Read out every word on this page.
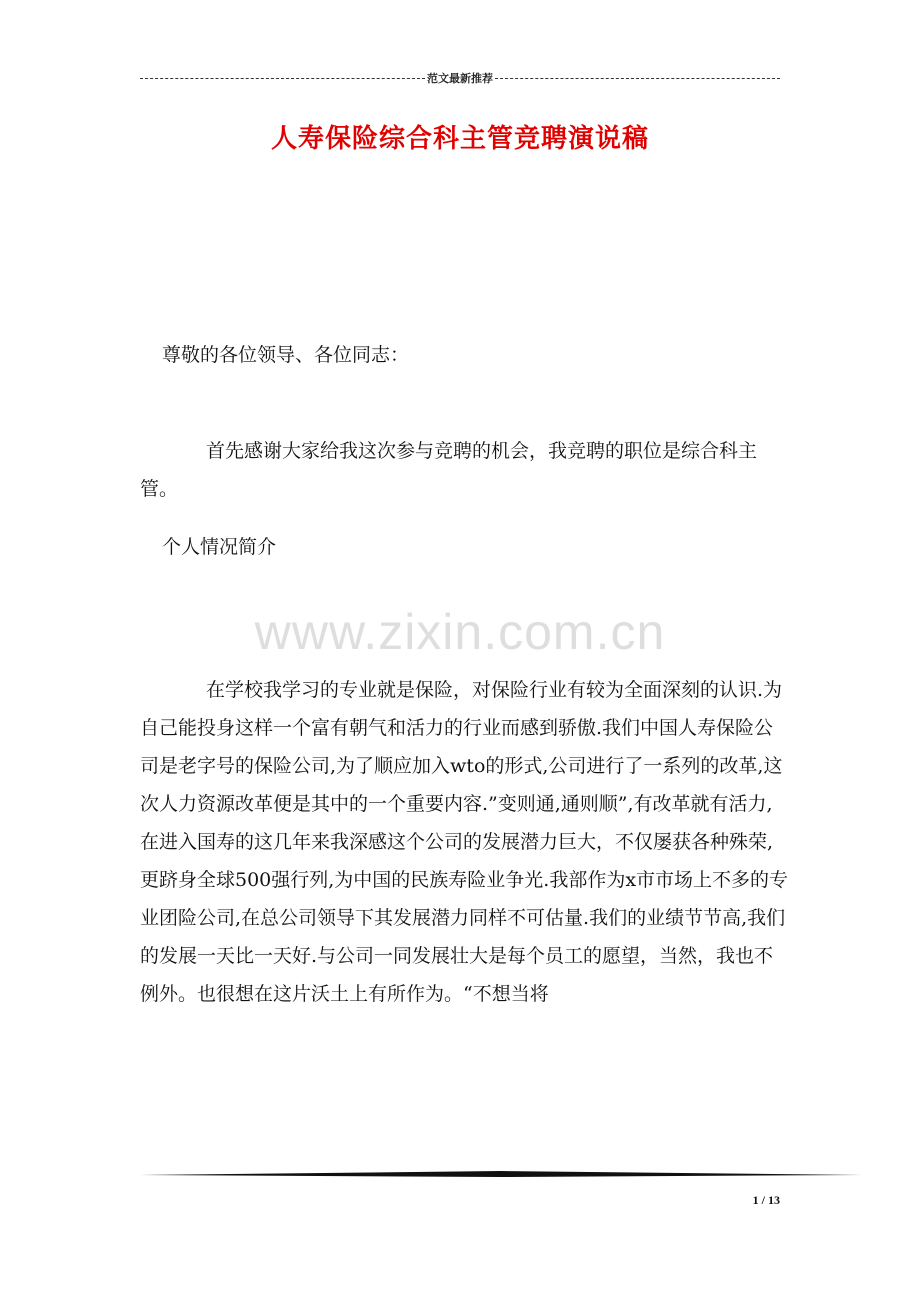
范文最新推荐
人寿保险综合科主管竞聘演说稿

尊敬的各位领导、各位同志：

首先感谢大家给我这次参与竞聘的机会，我竞聘的职位是综合科主管。

个人情况简介

www.zixin.com.cn

在学校我学习的专业就是保险，对保险行业有较为全面深刻的认识.为自己能投身这样一个富有朝气和活力的行业而感到骄傲.我们中国人寿保险公司是老字号的保险公司,为了顺应加入wto的形式,公司进行了一系列的改革,这次人力资源改革便是其中的一个重要内容.”变则通,通则顺”,有改革就有活力,在进入国寿的这几年来我深感这个公司的发展潜力巨大，不仅屡获各种殊荣,更跻身全球500强行列,为中国的民族寿险业争光.我部作为x市市场上不多的专业团险公司,在总公司领导下其发展潜力同样不可估量.我们的业绩节节高,我们的发展一天比一天好.与公司一同发展壮大是每个员工的愿望，当然，我也不例外。也很想在这片沃土上有所作为。“不想当将

1 / 13
